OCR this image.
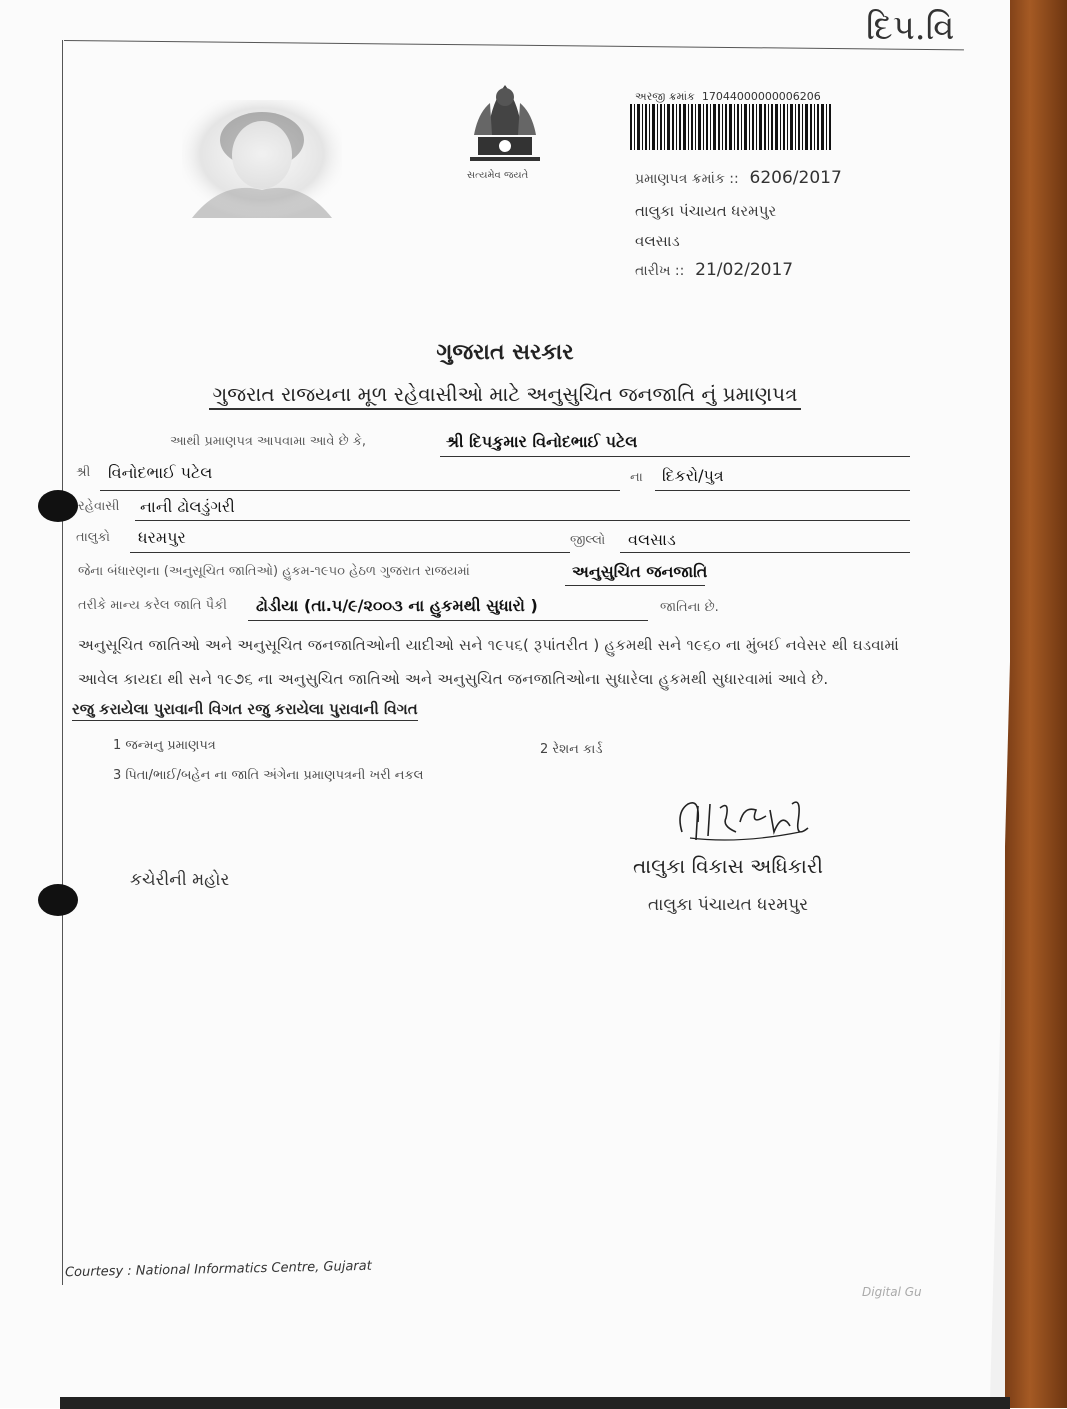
દિપ.વિ
સત્યમેવ જયતે
અરજી ક્રમાંક 17044000000006206
પ્રમાણપત્ર ક્રમાંક :: 6206/2017
તાલુકા પંચાયત ધરમપુર
વલસાડ
તારીખ :: 21/02/2017
ગુજરાત સરકાર
ગુજરાત રાજયના મૂળ રહેવાસીઓ માટે અનુસુચિત જનજાતિ નું પ્રમાણપત્ર
આથી પ્રમાણપત્ર આપવામા આવે છે કે,	શ્રી દિપકુમાર વિનોદભાઈ પટેલ
શ્રી વિનોદભાઈ પટેલ	ના દિકરો/પુત્ર
રહેવાસી નાની ઢોલડુંગરી
તાલુકો ધરમપુર	જીલ્લો વલસાડ
જેના બંધારણના (અનુસૂચિત જાતિઓ) હુકમ-૧૯૫૦ હેઠળ ગુજરાત રાજયમાં	અનુસુચિત જનજાતિ
તરીકે માન્ય કરેલ જાતિ પૈકી ઢોડીયા (તા.૫/૯/૨૦૦૩ ના હુકમથી સુધારો )	જાતિના છે.
અનુસૂચિત જાતિઓ અને અનુસૂચિત જનજાતિઓની યાદીઓ સને ૧૯૫૬( રૂપાંતરીત ) હુકમથી સને ૧૯૬૦ ના મુંબઈ નવેસર થી ઘડવામાં
આવેલ કાયદા થી સને ૧૯૭૬ ના અનુસુચિત જાતિઓ અને અનુસુચિત જનજાતિઓના સુધારેલા હુકમથી સુધારવામાં આવે છે.
રજુ કરાયેલા પુરાવાની વિગત રજુ કરાયેલા પુરાવાની વિગત
1 જન્મનુ પ્રમાણપત્ર	2 રેશન કાર્ડ
3 પિતા/ભાઈ/બહેન ના જાતિ અંગેના પ્રમાણપત્રની ખરી નકલ
તાલુકા વિકાસ અધિકારી
તાલુકા પંચાયત ધરમપુર
કચેરીની મહોર
Courtesy : National Informatics Centre, Gujarat
Digital Gu
